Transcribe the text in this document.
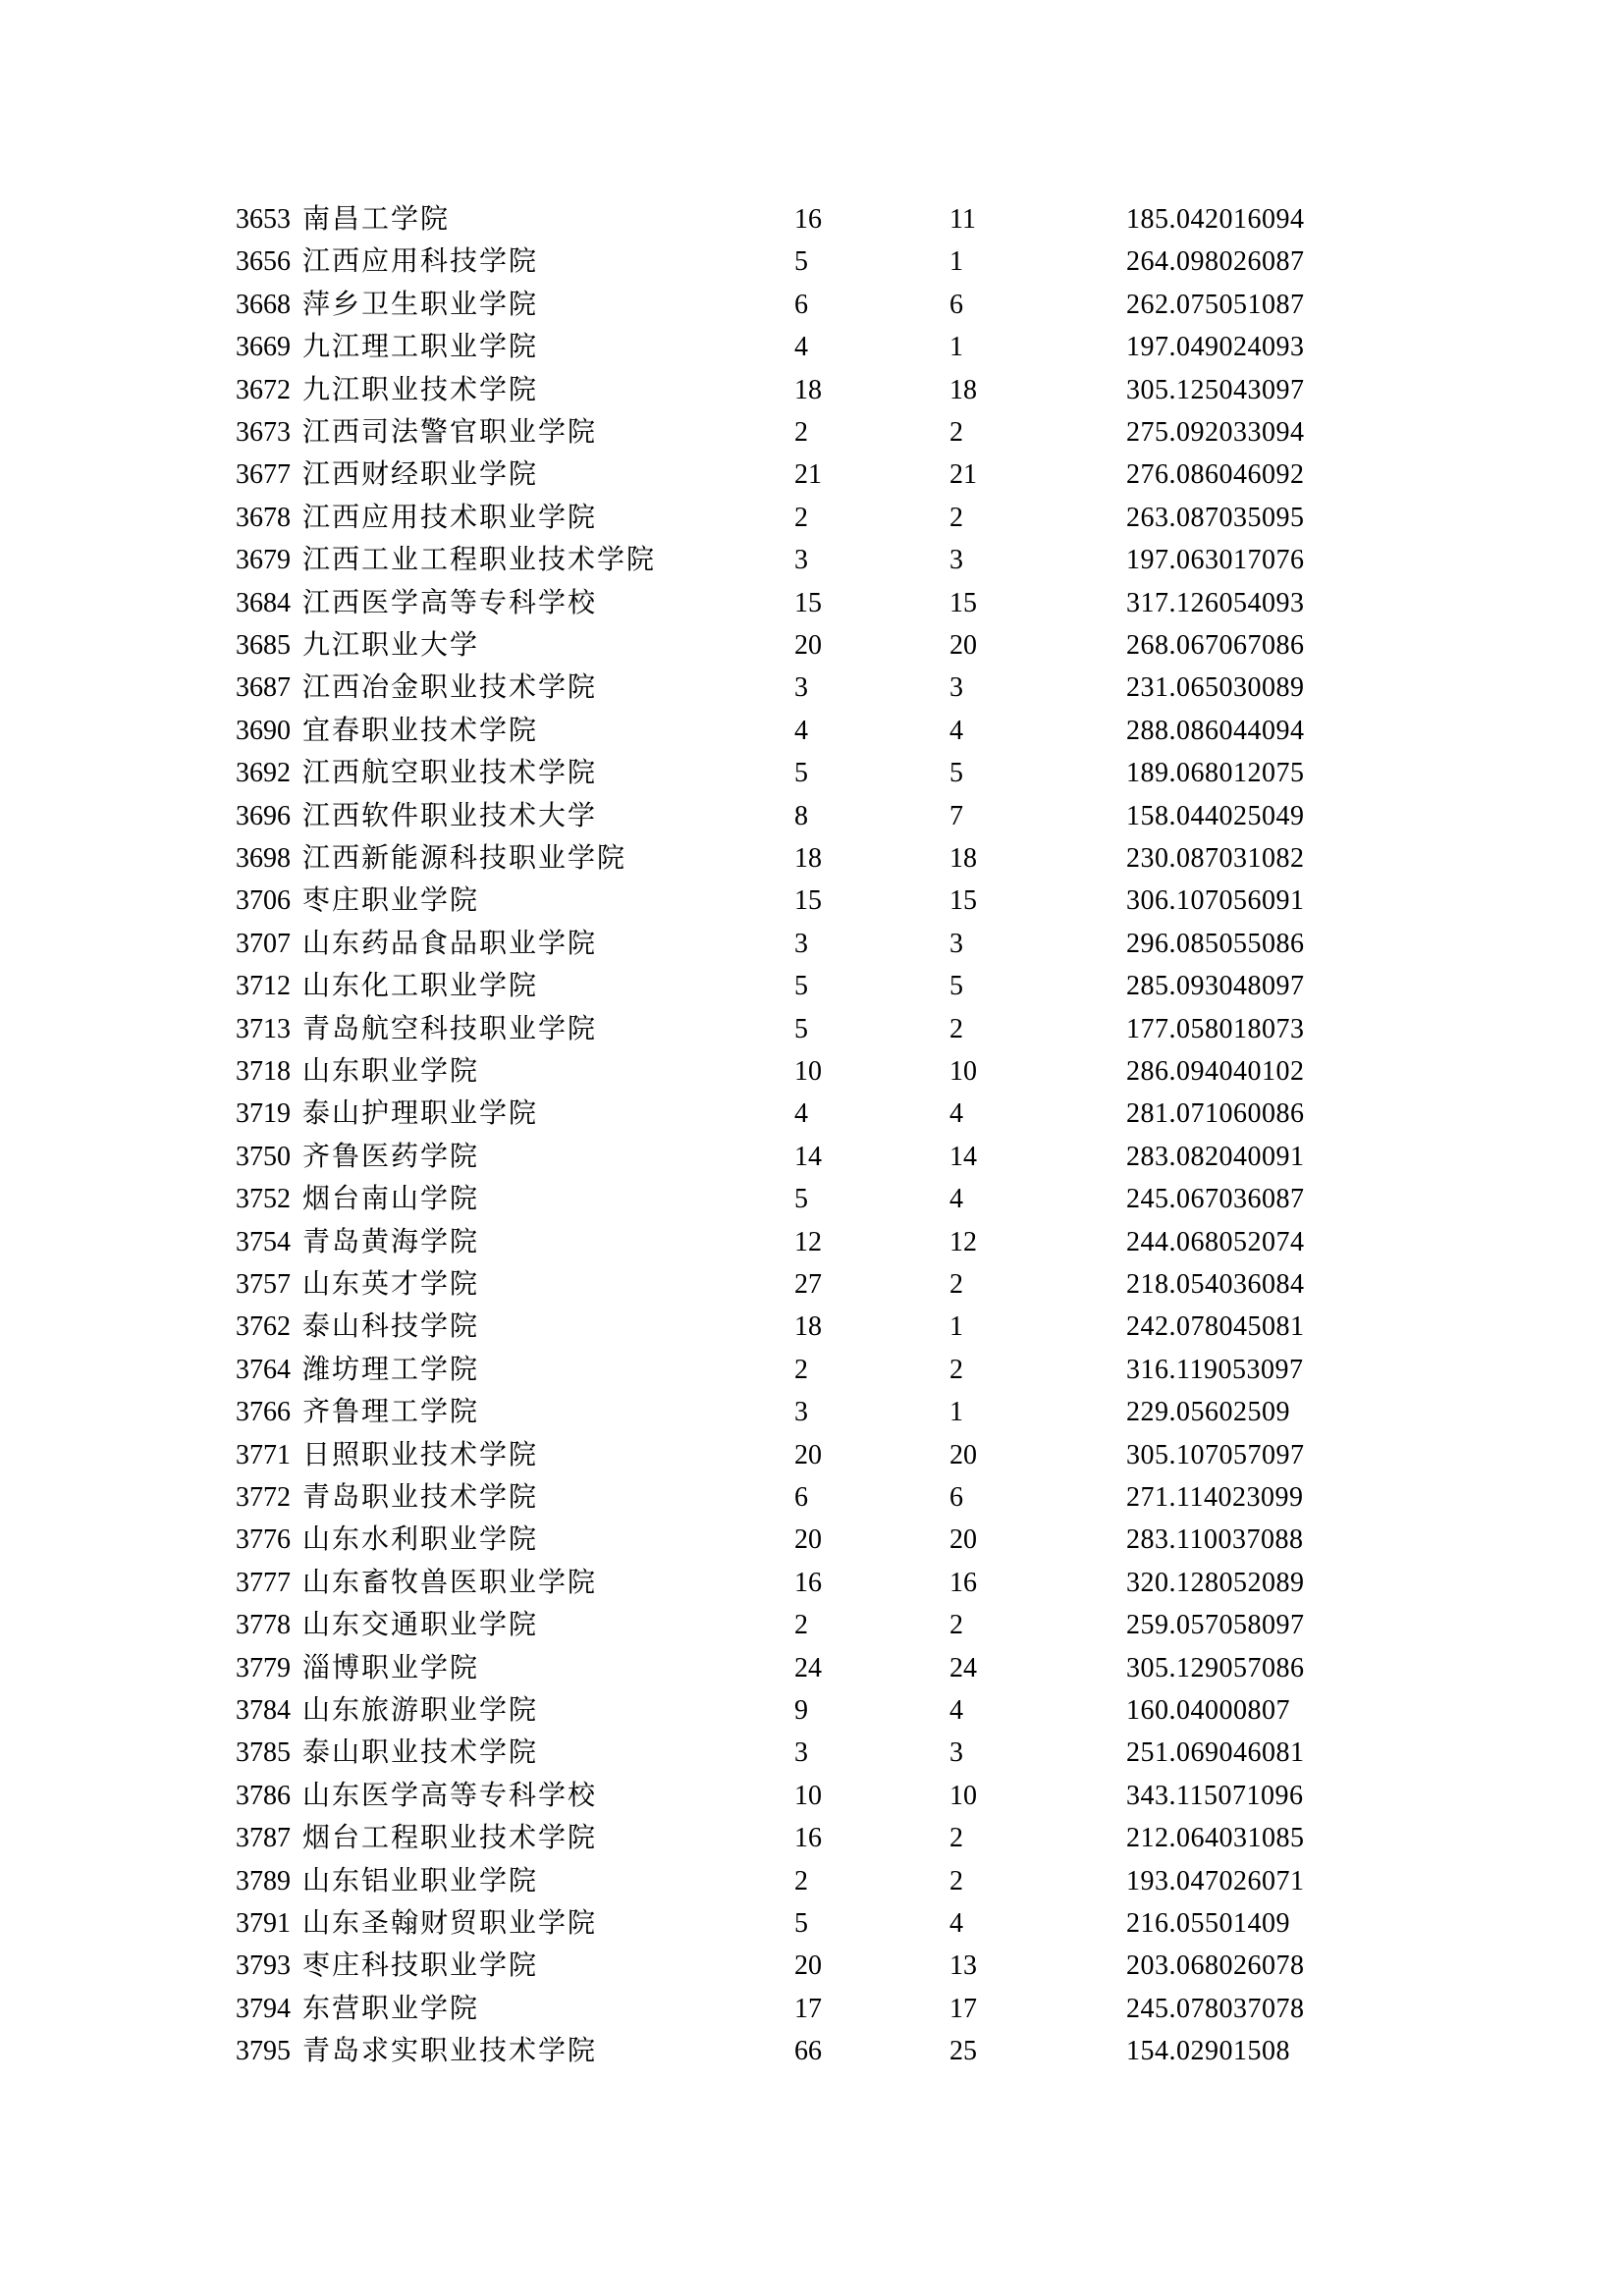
3653 南昌工学院	16	11	185.042016094
3656 江西应用科技学院	5	1	264.098026087
3668 萍乡卫生职业学院	6	6	262.075051087
3669 九江理工职业学院	4	1	197.049024093
3672 九江职业技术学院	18	18	305.125043097
3673 江西司法警官职业学院	2	2	275.092033094
3677 江西财经职业学院	21	21	276.086046092
3678 江西应用技术职业学院	2	2	263.087035095
3679 江西工业工程职业技术学院	3	3	197.063017076
3684 江西医学高等专科学校	15	15	317.126054093
3685 九江职业大学	20	20	268.067067086
3687 江西冶金职业技术学院	3	3	231.065030089
3690 宜春职业技术学院	4	4	288.086044094
3692 江西航空职业技术学院	5	5	189.068012075
3696 江西软件职业技术大学	8	7	158.044025049
3698 江西新能源科技职业学院	18	18	230.087031082
3706 枣庄职业学院	15	15	306.107056091
3707 山东药品食品职业学院	3	3	296.085055086
3712 山东化工职业学院	5	5	285.093048097
3713 青岛航空科技职业学院	5	2	177.058018073
3718 山东职业学院	10	10	286.094040102
3719 泰山护理职业学院	4	4	281.071060086
3750 齐鲁医药学院	14	14	283.082040091
3752 烟台南山学院	5	4	245.067036087
3754 青岛黄海学院	12	12	244.068052074
3757 山东英才学院	27	2	218.054036084
3762 泰山科技学院	18	1	242.078045081
3764 潍坊理工学院	2	2	316.119053097
3766 齐鲁理工学院	3	1	229.05602509
3771 日照职业技术学院	20	20	305.107057097
3772 青岛职业技术学院	6	6	271.114023099
3776 山东水利职业学院	20	20	283.110037088
3777 山东畜牧兽医职业学院	16	16	320.128052089
3778 山东交通职业学院	2	2	259.057058097
3779 淄博职业学院	24	24	305.129057086
3784 山东旅游职业学院	9	4	160.04000807
3785 泰山职业技术学院	3	3	251.069046081
3786 山东医学高等专科学校	10	10	343.115071096
3787 烟台工程职业技术学院	16	2	212.064031085
3789 山东铝业职业学院	2	2	193.047026071
3791 山东圣翰财贸职业学院	5	4	216.05501409
3793 枣庄科技职业学院	20	13	203.068026078
3794 东营职业学院	17	17	245.078037078
3795 青岛求实职业技术学院	66	25	154.02901508
